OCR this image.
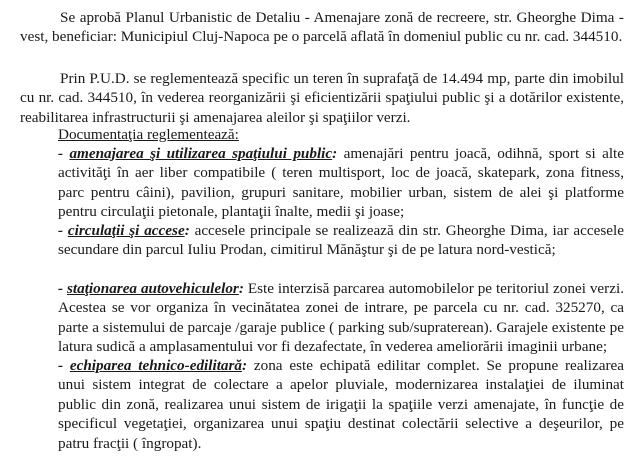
Se aprobă Planul Urbanistic de Detaliu - Amenajare zonă de recreere, str. Gheorghe Dima - vest, beneficiar: Municipiul Cluj-Napoca pe o parcelă aflată în domeniul public cu nr. cad. 344510.

Prin P.U.D. se reglementează specific un teren în suprafaţă de 14.494 mp, parte din imobilul cu nr. cad. 344510, în vederea reorganizării şi eficientizării spaţiului public şi a dotărilor existente, reabilitarea infrastructurii şi amenajarea aleilor şi spaţiilor verzi.

Documentaţia reglementează:

- amenajarea şi utilizarea spaţiului public: amenajări pentru joacă, odihnă, sport si alte activităţi în aer liber compatibile ( teren multisport, loc de joacă, skatepark, zona fitness, parc pentru câini), pavilion, grupuri sanitare, mobilier urban, sistem de alei şi platforme pentru circulaţii pietonale, plantaţii înalte, medii şi joase;

- circulaţii şi accese: accesele principale se realizează din str. Gheorghe Dima, iar accesele secundare din parcul Iuliu Prodan, cimitirul Mănăştur şi de pe latura nord-vestică;

- staţionarea autovehiculelor: Este interzisă parcarea automobilelor pe teritoriul zonei verzi. Acestea se vor organiza în vecinătatea zonei de intrare, pe parcela cu nr. cad. 325270, ca parte a sistemului de parcaje /garaje publice ( parking sub/supraterean). Garajele existente pe latura sudică a amplasamentului vor fi dezafectate, în vederea ameliorării imaginii urbane;

- echiparea tehnico-edilitară: zona este echipată edilitar complet. Se propune realizarea unui sistem integrat de colectare a apelor pluviale, modernizarea instalaţiei de iluminat public din zonă, realizarea unui sistem de irigaţii la spaţiile verzi amenajate, în funcţie de specificul vegetaţiei, organizarea unui spaţiu destinat colectării selective a deşeurilor, pe patru fracţii ( îngropat).
